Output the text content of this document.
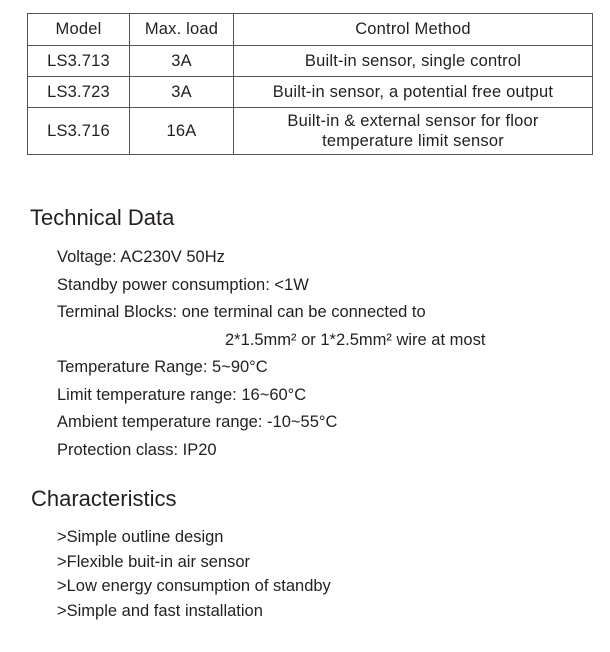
Model	Max. load	Control Method
LS3.713	3A	Built-in sensor, single control
LS3.723	3A	Built-in sensor, a potential free output
LS3.716	16A	Built-in & external sensor for floor
temperature limit sensor
Technical Data
Voltage: AC230V 50Hz
Standby power consumption: <1W
Terminal Blocks: one terminal can be connected to
2*1.5mm² or 1*2.5mm² wire at most
Temperature Range: 5~90°C
Limit temperature range: 16~60°C
Ambient temperature range: -10~55°C
Protection class: IP20
Characteristics
>Simple outline design
>Flexible buit-in air sensor
>Low energy consumption of standby
>Simple and fast installation
